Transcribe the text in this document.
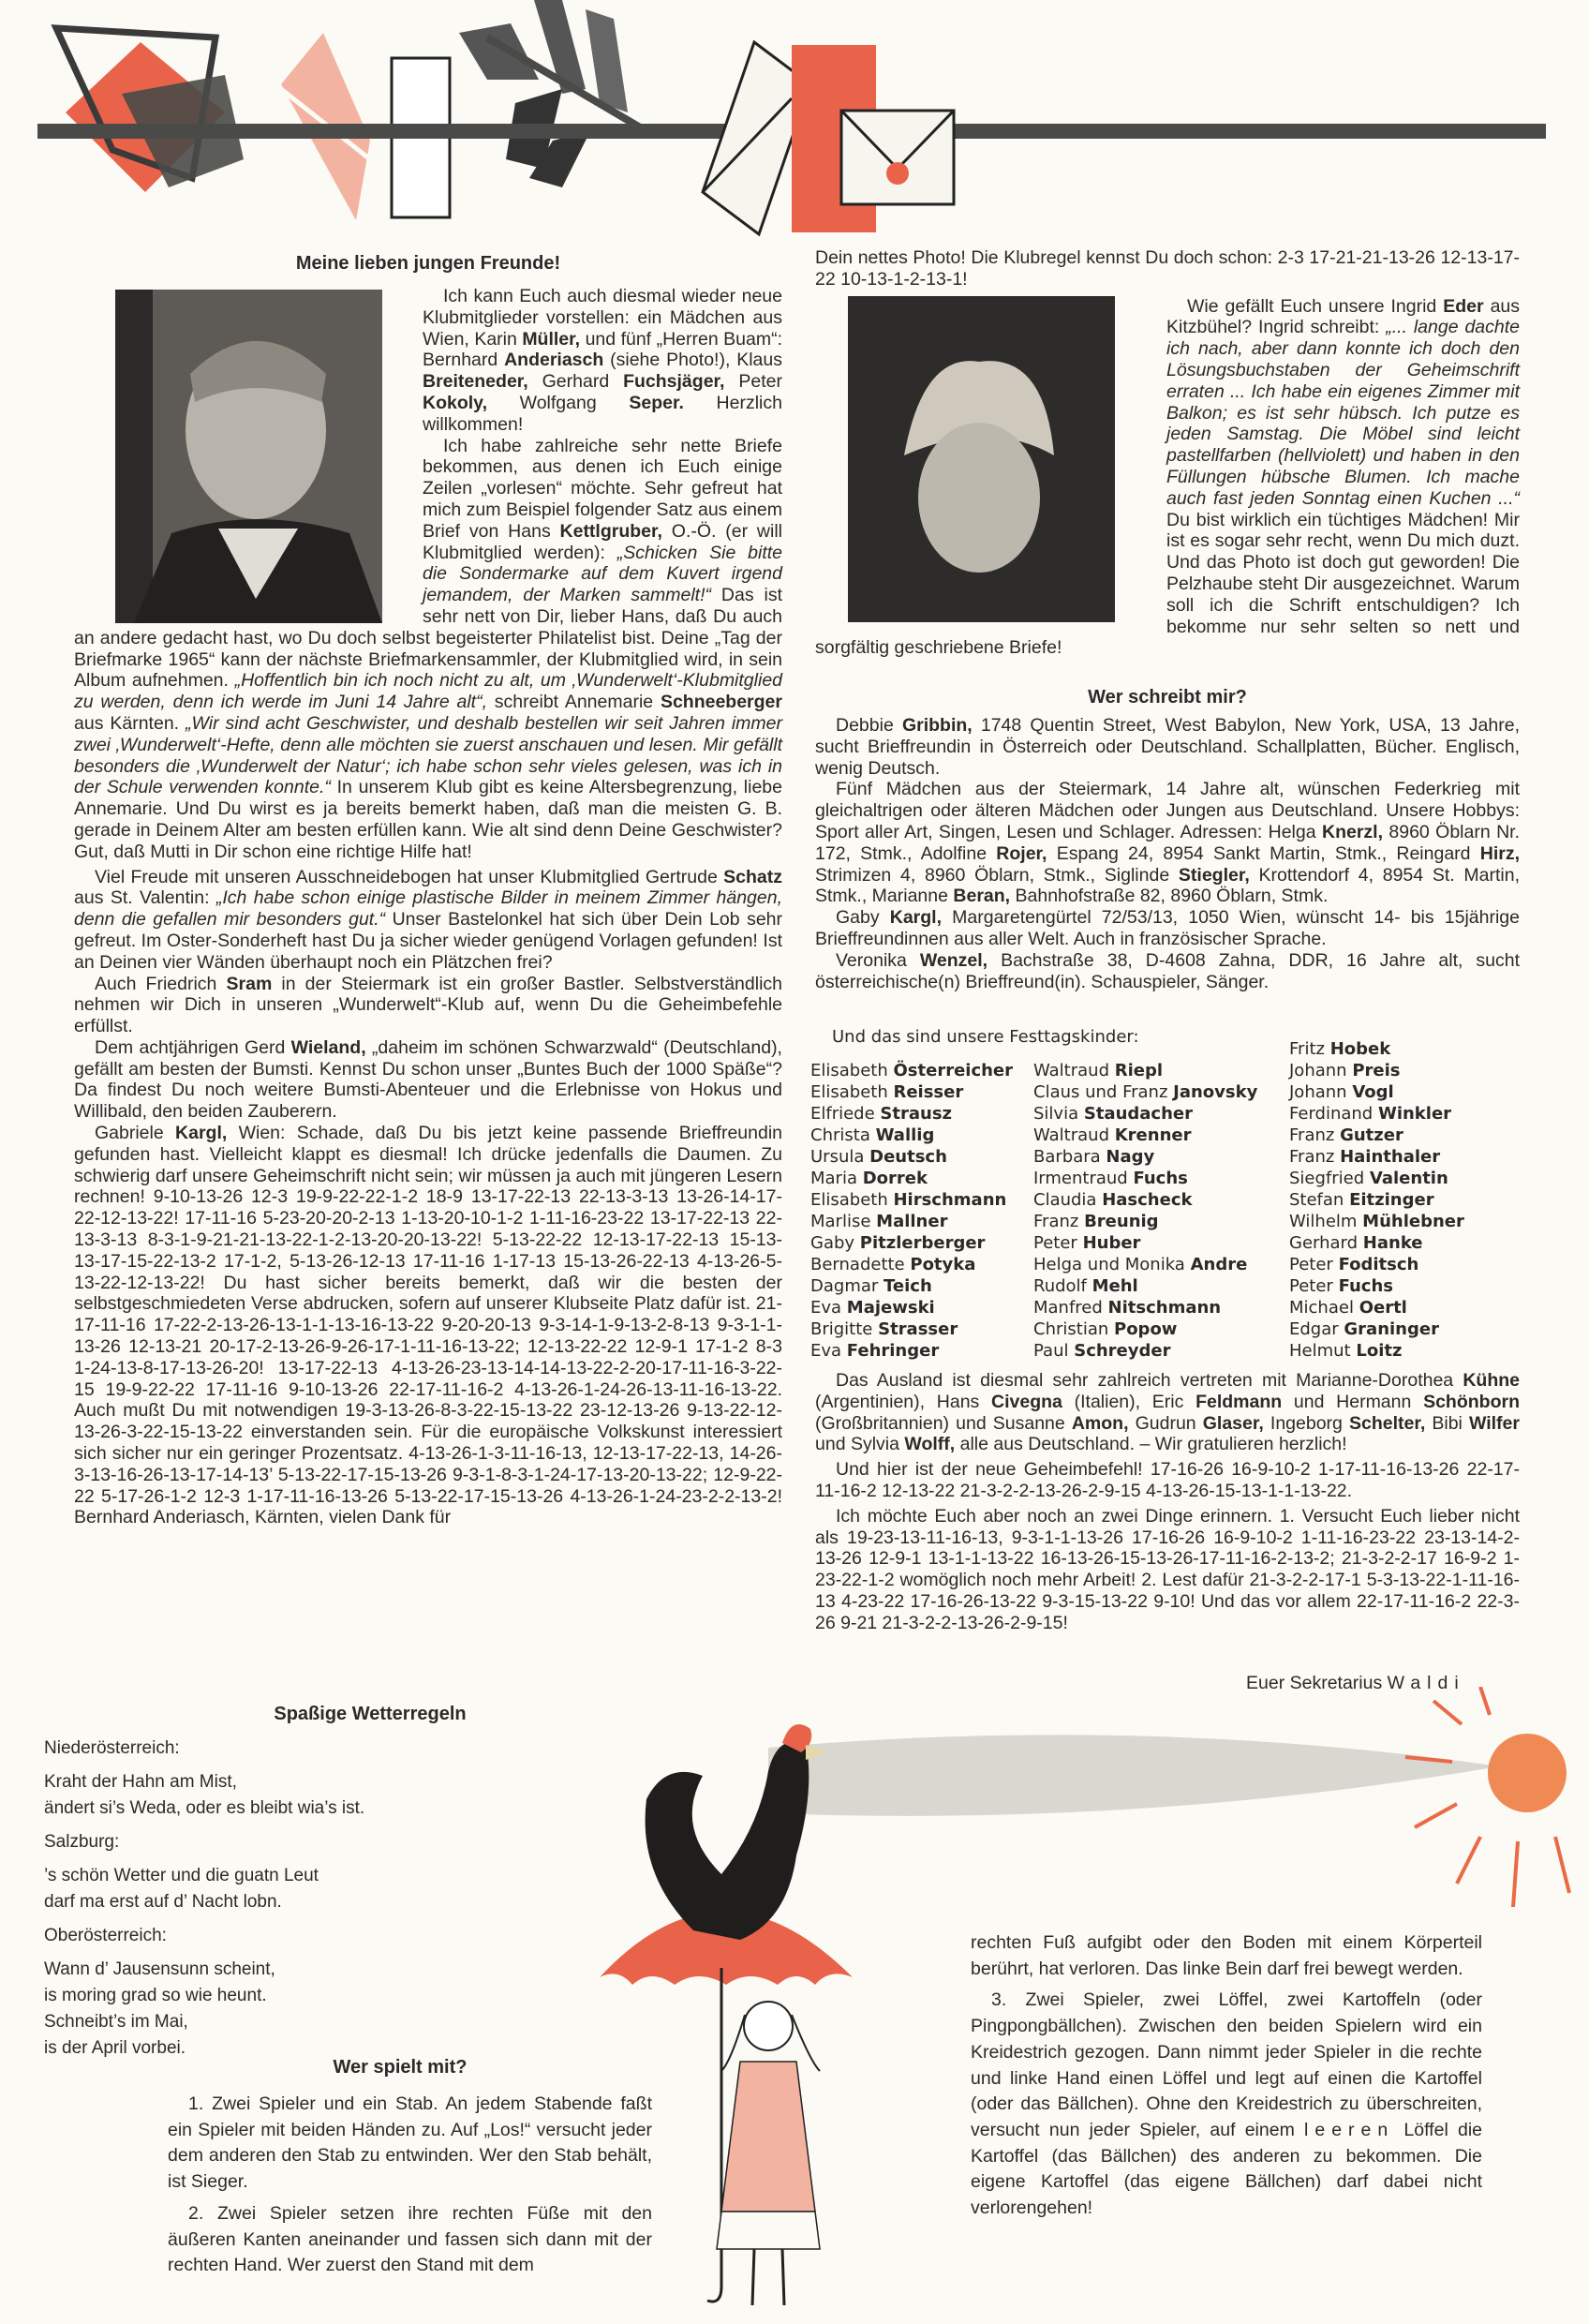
Meine lieben jungen Freunde!

Ich kann Euch auch diesmal wieder neue Klubmitglieder vorstellen: ein Mädchen aus Wien, Karin Müller, und fünf „Herren Buam“: Bernhard Anderiasch (siehe Photo!), Klaus Breiteneder, Gerhard Fuchsjäger, Peter Kokoly, Wolfgang Seper. Herzlich willkommen!

Ich habe zahlreiche sehr nette Briefe bekommen, aus denen ich Euch einige Zeilen „vorlesen“ möchte. Sehr gefreut hat mich zum Beispiel folgender Satz aus einem Brief von Hans Kettlgruber, O.-Ö. (er will Klubmitglied werden): „Schicken Sie bitte die Sondermarke auf dem Kuvert irgend jemandem, der Marken sammelt!“ Das ist sehr nett von Dir, lieber Hans, daß Du auch an andere gedacht hast, wo Du doch selbst begeisterter Philatelist bist. Deine „Tag der Briefmarke 1965“ kann der nächste Briefmarkensammler, der Klubmitglied wird, in sein Album aufnehmen. „Hoffentlich bin ich noch nicht zu alt, um ‚Wunderwelt‘-Klubmitglied zu werden, denn ich werde im Juni 14 Jahre alt“, schreibt Annemarie Schneeberger aus Kärnten. „Wir sind acht Geschwister, und deshalb bestellen wir seit Jahren immer zwei ‚Wunderwelt‘-Hefte, denn alle möchten sie zuerst anschauen und lesen. Mir gefällt besonders die ‚Wunderwelt der Natur‘; ich habe schon sehr vieles gelesen, was ich in der Schule verwenden konnte.“ In unserem Klub gibt es keine Altersbegrenzung, liebe Annemarie. Und Du wirst es ja bereits bemerkt haben, daß man die meisten G. B. gerade in Deinem Alter am besten erfüllen kann. Wie alt sind denn Deine Geschwister? Gut, daß Mutti in Dir schon eine richtige Hilfe hat!

Viel Freude mit unseren Ausschneidebogen hat unser Klubmitglied Gertrude Schatz aus St. Valentin: „Ich habe schon einige plastische Bilder in meinem Zimmer hängen, denn die gefallen mir besonders gut.“ Unser Bastelonkel hat sich über Dein Lob sehr gefreut. Im Oster-Sonderheft hast Du ja sicher wieder genügend Vorlagen gefunden! Ist an Deinen vier Wänden überhaupt noch ein Plätzchen frei?

Auch Friedrich Sram in der Steiermark ist ein großer Bastler. Selbstverständlich nehmen wir Dich in unseren „Wunderwelt“-Klub auf, wenn Du die Geheimbefehle erfüllst.

Dem achtjährigen Gerd Wieland, „daheim im schönen Schwarzwald“ (Deutschland), gefällt am besten der Bumsti. Kennst Du schon unser „Buntes Buch der 1000 Späße“? Da findest Du noch weitere Bumsti-Abenteuer und die Erlebnisse von Hokus und Willibald, den beiden Zauberern.

Gabriele Kargl, Wien: Schade, daß Du bis jetzt keine passende Brieffreundin gefunden hast. Vielleicht klappt es diesmal! Ich drücke jedenfalls die Daumen. Zu schwierig darf unsere Geheimschrift nicht sein; wir müssen ja auch mit jüngeren Lesern rechnen! 9-10-13-26 12-3 19-9-22-22-1-2 18-9 13-17-22-13 22-13-3-13 13-26-14-17-22-12-13-22! 17-11-16 5-23-20-20-2-13 1-13-20-10-1-2 1-11-16-23-22 13-17-22-13 22-13-3-13 8-3-1-9-21-21-13-22-1-2-13-20-20-13-22! 5-13-22-22 12-13-17-22-13 15-13-13-17-15-22-13-2 17-1-2, 5-13-26-12-13 17-11-16 1-17-13 15-13-26-22-13 4-13-26-5-13-22-12-13-22! Du hast sicher bereits bemerkt, daß wir die besten der selbstgeschmiedeten Verse abdrucken, sofern auf unserer Klubseite Platz dafür ist. 21-17-11-16 17-22-2-13-26-13-1-1-13-16-13-22 9-20-20-13 9-3-14-1-9-13-2-8-13 9-3-1-1-13-26 12-13-21 20-17-2-13-26-9-26-17-1-11-16-13-22; 12-13-22-22 12-9-1 17-1-2 8-3 1-24-13-8-17-13-26-20! 13-17-22-13 4-13-26-23-13-14-14-13-22-2-20-17-11-16-3-22-15 19-9-22-22 17-11-16 9-10-13-26 22-17-11-16-2 4-13-26-1-24-26-13-11-16-13-22. Auch mußt Du mit notwendigen 19-3-13-26-8-3-22-15-13-22 23-12-13-26 9-13-22-12-13-26-3-22-15-13-22 einverstanden sein. Für die europäische Volkskunst interessiert sich sicher nur ein geringer Prozentsatz. 4-13-26-1-3-11-16-13, 12-13-17-22-13, 14-26-3-13-16-26-13-17-14-13’ 5-13-22-17-15-13-26 9-3-1-8-3-1-24-17-13-20-13-22; 12-9-22-22 5-17-26-1-2 12-3 1-17-11-16-13-26 5-13-22-17-15-13-26 4-13-26-1-24-23-2-2-13-2! Bernhard Anderiasch, Kärnten, vielen Dank für

Dein nettes Photo! Die Klubregel kennst Du doch schon: 2-3 17-21-21-13-26 12-13-17-22 10-13-1-2-13-1!

Wie gefällt Euch unsere Ingrid Eder aus Kitzbühel? Ingrid schreibt: „... lange dachte ich nach, aber dann konnte ich doch den Lösungsbuchstaben der Geheimschrift erraten ... Ich habe ein eigenes Zimmer mit Balkon; es ist sehr hübsch. Ich putze es jeden Samstag. Die Möbel sind leicht pastellfarben (hellviolett) und haben in den Füllungen hübsche Blumen. Ich mache auch fast jeden Sonntag einen Kuchen ...“ Du bist wirklich ein tüchtiges Mädchen! Mir ist es sogar sehr recht, wenn Du mich duzt. Und das Photo ist doch gut geworden! Die Pelzhaube steht Dir ausgezeichnet. Warum soll ich die Schrift entschuldigen? Ich bekomme nur sehr selten so nett und sorgfältig geschriebene Briefe!

Wer schreibt mir?

Debbie Gribbin, 1748 Quentin Street, West Babylon, New York, USA, 13 Jahre, sucht Brieffreundin in Österreich oder Deutschland. Schallplatten, Bücher. Englisch, wenig Deutsch.

Fünf Mädchen aus der Steiermark, 14 Jahre alt, wünschen Federkrieg mit gleichaltrigen oder älteren Mädchen oder Jungen aus Deutschland. Unsere Hobbys: Sport aller Art, Singen, Lesen und Schlager. Adressen: Helga Knerzl, 8960 Öblarn Nr. 172, Stmk., Adolfine Rojer, Espang 24, 8954 Sankt Martin, Stmk., Reingard Hirz, Strimizen 4, 8960 Öblarn, Stmk., Siglinde Stiegler, Krottendorf 4, 8954 St. Martin, Stmk., Marianne Beran, Bahnhofstraße 82, 8960 Öblarn, Stmk.

Gaby Kargl, Margaretengürtel 72/53/13, 1050 Wien, wünscht 14- bis 15jährige Brieffreundinnen aus aller Welt. Auch in französischer Sprache.

Veronika Wenzel, Bachstraße 38, D-4608 Zahna, DDR, 16 Jahre alt, sucht österreichische(n) Brieffreund(in). Schauspieler, Sänger.

Und das sind unsere Festtagskinder:
Elisabeth Österreicher
Elisabeth Reisser
Elfriede Strausz
Christa Wallig
Ursula Deutsch
Maria Dorrek
Elisabeth Hirschmann
Marlise Mallner
Gaby Pitzlerberger
Bernadette Potyka
Dagmar Teich
Eva Majewski
Brigitte Strasser
Eva Fehringer
Waltraud Riepl
Claus und Franz Janovsky
Silvia Staudacher
Waltraud Krenner
Barbara Nagy
Irmentraud Fuchs
Claudia Hascheck
Franz Breunig
Peter Huber
Helga und Monika Andre
Rudolf Mehl
Manfred Nitschmann
Christian Popow
Paul Schreyder
Fritz Hobek
Johann Preis
Johann Vogl
Ferdinand Winkler
Franz Gutzer
Franz Hainthaler
Siegfried Valentin
Stefan Eitzinger
Wilhelm Mühlebner
Gerhard Hanke
Peter Foditsch
Peter Fuchs
Michael Oertl
Edgar Graninger
Helmut Loitz

Das Ausland ist diesmal sehr zahlreich vertreten mit Marianne-Dorothea Kühne (Argentinien), Hans Civegna (Italien), Eric Feldmann und Hermann Schönborn (Großbritannien) und Susanne Amon, Gudrun Glaser, Ingeborg Schelter, Bibi Wilfer und Sylvia Wolff, alle aus Deutschland. – Wir gratulieren herzlich!

Und hier ist der neue Geheimbefehl! 17-16-26 16-9-10-2 1-17-11-16-13-26 22-17-11-16-2 12-13-22 21-3-2-2-13-26-2-9-15 4-13-26-15-13-1-1-13-22.

Ich möchte Euch aber noch an zwei Dinge erinnern. 1. Versucht Euch lieber nicht als 19-23-13-11-16-13, 9-3-1-1-13-26 17-16-26 16-9-10-2 1-11-16-23-22 23-13-14-2-13-26 12-9-1 13-1-1-13-22 16-13-26-15-13-26-17-11-16-2-13-2; 21-3-2-2-17 16-9-2 1-23-22-1-2 womöglich noch mehr Arbeit! 2. Lest dafür 21-3-2-2-17-1 5-3-13-22-1-11-16-13 4-23-22 17-16-26-13-22 9-3-15-13-22 9-10! Und das vor allem 22-17-11-16-2 22-3-26 9-21 21-3-2-2-13-26-2-9-15!

Euer Sekretarius Waldi
Spaßige Wetterregeln

Niederösterreich:

Kraht der Hahn am Mist,
ändert si’s Weda, oder es bleibt wia’s ist.

Salzburg:

’s schön Wetter und die guatn Leut
darf ma erst auf d’ Nacht lobn.

Oberösterreich:

Wann d’ Jausensunn scheint,
is moring grad so wie heunt.
Schneibt’s im Mai,
is der April vorbei.

Wer spielt mit?

1. Zwei Spieler und ein Stab. An jedem Stabende faßt ein Spieler mit beiden Händen zu. Auf „Los!“ versucht jeder dem anderen den Stab zu entwinden. Wer den Stab behält, ist Sieger.

2. Zwei Spieler setzen ihre rechten Füße mit den äußeren Kanten aneinander und fassen sich dann mit der rechten Hand. Wer zuerst den Stand mit dem

rechten Fuß aufgibt oder den Boden mit einem Körperteil berührt, hat verloren. Das linke Bein darf frei bewegt werden.

3. Zwei Spieler, zwei Löffel, zwei Kartoffeln (oder Pingpongbällchen). Zwischen den beiden Spielern wird ein Kreidestrich gezogen. Dann nimmt jeder Spieler in die rechte und linke Hand einen Löffel und legt auf einen die Kartoffel (oder das Bällchen). Ohne den Kreidestrich zu überschreiten, versucht nun jeder Spieler, auf einem leeren Löffel die Kartoffel (das Bällchen) des anderen zu bekommen. Die eigene Kartoffel (das eigene Bällchen) darf dabei nicht verlorengehen!
